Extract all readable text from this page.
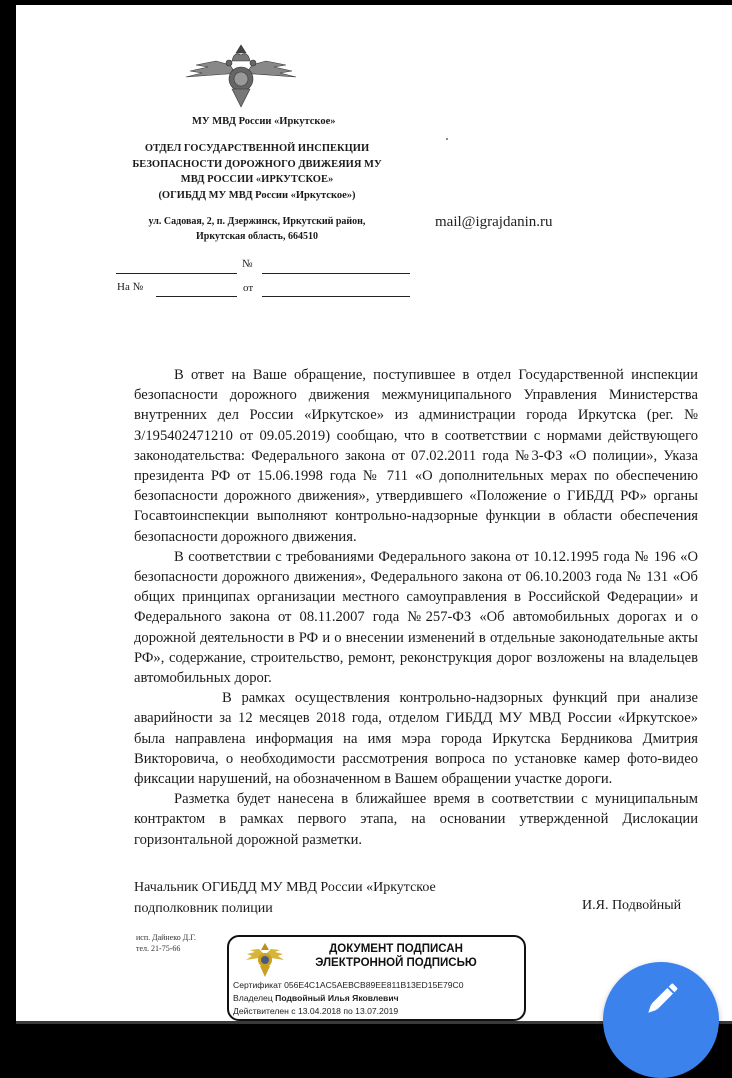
МУ МВД России «Иркутское»
ОТДЕЛ ГОСУДАРСТВЕННОЙ ИНСПЕКЦИИ
БЕЗОПАСНОСТИ ДОРОЖНОГО ДВИЖЕЯИЯ МУ
МВД РОССИИ «ИРКУТСКОЕ»
(ОГИБДД МУ МВД России «Иркутское»)
ул. Садовая, 2, п. Дзержинск, Иркутский район,
Иркутская область, 664510
mail@igrajdanin.ru
№
На №	от

В ответ на Ваше обращение, поступившее в отдел Государственной инспекции безопасности дорожного движения межмуниципального Управления Министерства внутренних дел России «Иркутское» из администрации города Иркутска (рег. № З/195402471210 от 09.05.2019) сообщаю, что в соответствии с нормами действующего законодательства: Федерального закона от 07.02.2011 года №3-ФЗ «О полиции», Указа президента РФ от 15.06.1998 года № 711 «О дополнительных мерах по обеспечению безопасности дорожного движения», утвердившего «Положение о ГИБДД РФ» органы Госавтоинспекции выполняют контрольно-надзорные функции в области обеспечения безопасности дорожного движения.

В соответствии с требованиями Федерального закона от 10.12.1995 года № 196 «О безопасности дорожного движения», Федерального закона от 06.10.2003 года № 131 «Об общих принципах организации местного самоуправления в Российской Федерации» и Федерального закона от 08.11.2007 года №257-ФЗ «Об автомобильных дорогах и о дорожной деятельности в РФ и о внесении изменений в отдельные законодательные акты РФ», содержание, строительство, ремонт, реконструкция дорог возложены на владельцев автомобильных дорог.

В рамках осуществления контрольно-надзорных функций при анализе аварийности за 12 месяцев 2018 года, отделом ГИБДД МУ МВД России «Иркутское» была направлена информация на имя мэра города Иркутска Бердникова Дмитрия Викторовича, о необходимости рассмотрения вопроса по установке камер фото-видео фиксации нарушений, на обозначенном в Вашем обращении участке дороги.

Разметка будет нанесена в ближайшее время в соответствии с муниципальным контрактом в рамках первого этапа, на основании утвержденной Дислокации горизонтальной дорожной разметки.

Начальник ОГИБДД МУ МВД России «Иркутское
подполковник полиции	И.Я. Подвойный
исп. Дайнеко Д.Г.
тел. 21-75-66	ДОКУМЕНТ ПОДПИСАН
ЭЛЕКТРОННОЙ ПОДПИСЬЮ
Сертификат 056E4C1AC5AEBCB89EE811B13ED15E79C0
Владелец Подвойный Илья Яковлевич
Действителен с 13.04.2018 по 13.07.2019
